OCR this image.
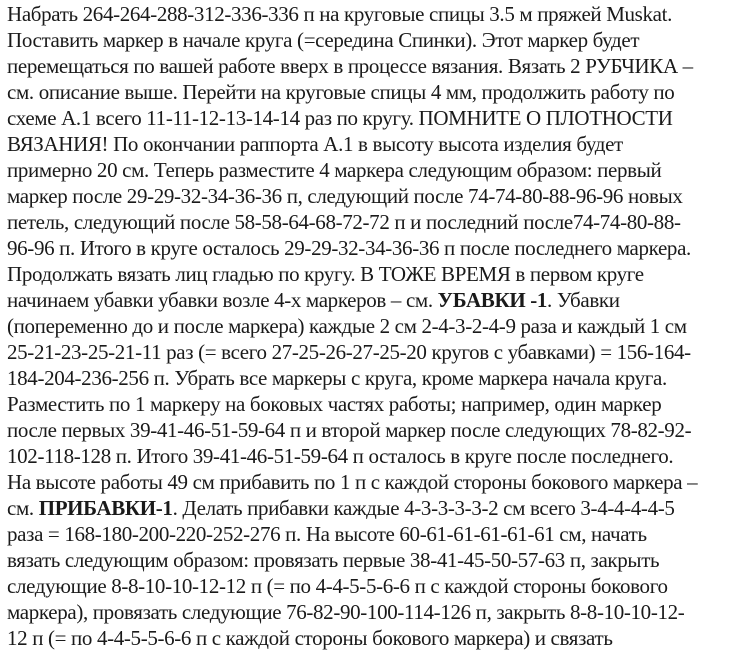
Набрать 264-264-288-312-336-336 п на круговые спицы 3.5 м пряжей Muskat.
Поставить маркер в начале круга (=середина Спинки). Этот маркер будет
перемещаться по вашей работе вверх в процессе вязания. Вязать 2 РУБЧИКА –
см. описание выше. Перейти на круговые спицы 4 мм, продолжить работу по
схеме А.1 всего 11-11-12-13-14-14 раз по кругу. ПОМНИТЕ О ПЛОТНОСТИ
ВЯЗАНИЯ! По окончании раппорта А.1 в высоту высота изделия будет
примерно 20 см. Теперь разместите 4 маркера следующим образом: первый
маркер после 29-29-32-34-36-36 п, следующий после 74-74-80-88-96-96 новых
петель, следующий после 58-58-64-68-72-72 п и последний после74-74-80-88-
96-96 п. Итого в круге осталось 29-29-32-34-36-36 п после последнего маркера.
Продолжать вязать лиц гладью по кругу. В ТОЖЕ ВРЕМЯ в первом круге
начинаем убавки убавки возле 4-х маркеров – см. УБАВКИ -1. Убавки
(попеременно до и после маркера) каждые 2 см 2-4-3-2-4-9 раза и каждый 1 см
25-21-23-25-21-11 раз (= всего 27-25-26-27-25-20 кругов с убавками) = 156-164-
184-204-236-256 п. Убрать все маркеры с круга, кроме маркера начала круга.
Разместить по 1 маркеру на боковых частях работы; например, один маркер
после первых 39-41-46-51-59-64 п и второй маркер после следующих 78-82-92-
102-118-128 п. Итого 39-41-46-51-59-64 п осталось в круге после последнего.
На высоте работы 49 см прибавить по 1 п с каждой стороны бокового маркера –
см. ПРИБАВКИ-1. Делать прибавки каждые 4-3-3-3-3-2 см всего 3-4-4-4-4-5
раза = 168-180-200-220-252-276 п. На высоте 60-61-61-61-61-61 см, начать
вязать следующим образом: провязать первые 38-41-45-50-57-63 п, закрыть
следующие 8-8-10-10-12-12 п (= по 4-4-5-5-6-6 п с каждой стороны бокового
маркера), провязать следующие 76-82-90-100-114-126 п, закрыть 8-8-10-10-12-
12 п (= по 4-4-5-5-6-6 п с каждой стороны бокового маркера) и связать
